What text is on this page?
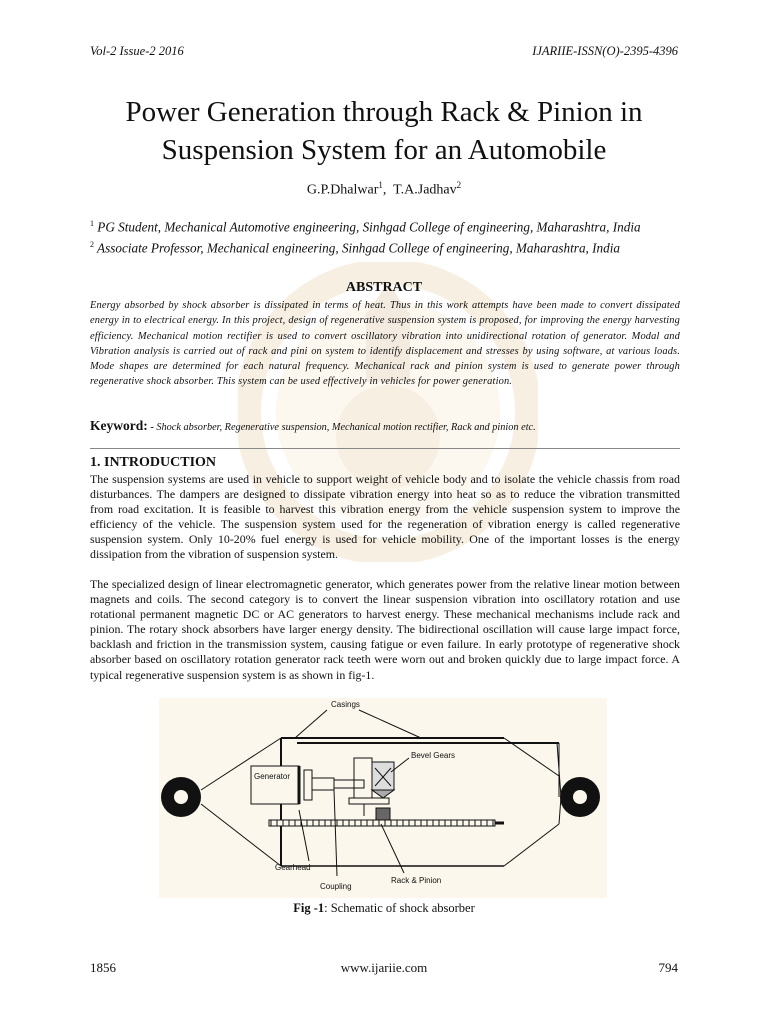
Vol-2 Issue-2 2016	IJARIIE-ISSN(O)-2395-4396
Power Generation through Rack & Pinion in Suspension System for an Automobile
G.P.Dhalwar$^1$,  T.A.Jadhav$^2$
$^1$ PG Student, Mechanical Automotive engineering, Sinhgad College of engineering, Maharashtra, India
$^2$ Associate Professor, Mechanical engineering, Sinhgad College of engineering, Maharashtra, India
ABSTRACT
Energy absorbed by shock absorber is dissipated in terms of heat. Thus in this work attempts have been made to convert dissipated energy in to electrical energy. In this project, design of regenerative suspension system is proposed, for improving the energy harvesting efficiency. Mechanical motion rectifier is used to convert oscillatory vibration into unidirectional rotation of generator. Modal and Vibration analysis is carried out of rack and pini on system to identify displacement and stresses by using software, at various loads. Mode shapes are determined for each natural frequency. Mechanical rack and pinion system is used to generate power through regenerative shock absorber. This system can be used effectively in vehicles for power generation.
Keyword: - Shock absorber, Regenerative suspension, Mechanical motion rectifier, Rack and pinion etc.
1. INTRODUCTION
The suspension systems are used in vehicle to support weight of vehicle body and to isolate the vehicle chassis from road disturbances. The dampers are designed to dissipate vibration energy into heat so as to reduce the vibration transmitted from road excitation. It is feasible to harvest this vibration energy from the vehicle suspension system to improve the efficiency of the vehicle. The suspension system used for the regeneration of vibration energy is called regenerative suspension system. Only 10-20% fuel energy is used for vehicle mobility. One of the important losses is the energy dissipation from the vibration of suspension system.
The specialized design of linear electromagnetic generator, which generates power from the relative linear motion between magnets and coils. The second category is to convert the linear suspension vibration into oscillatory rotation and use rotational permanent magnetic DC or AC generators to harvest energy. These mechanical mechanisms include rack and pinion. The rotary shock absorbers have larger energy density. The bidirectional oscillation will cause large impact force, backlash and friction in the transmission system, causing fatigue or even failure. In early prototype of regenerative shock absorber based on oscillatory rotation generator rack teeth were worn out and broken quickly due to large impact force. A typical regenerative suspension system is as shown in fig-1.
Casings
Bevel Gears
Generator
Gearhead
Coupling
Rack & Pinion
Fig -1: Schematic of shock absorber
1856	www.ijariie.com	794
